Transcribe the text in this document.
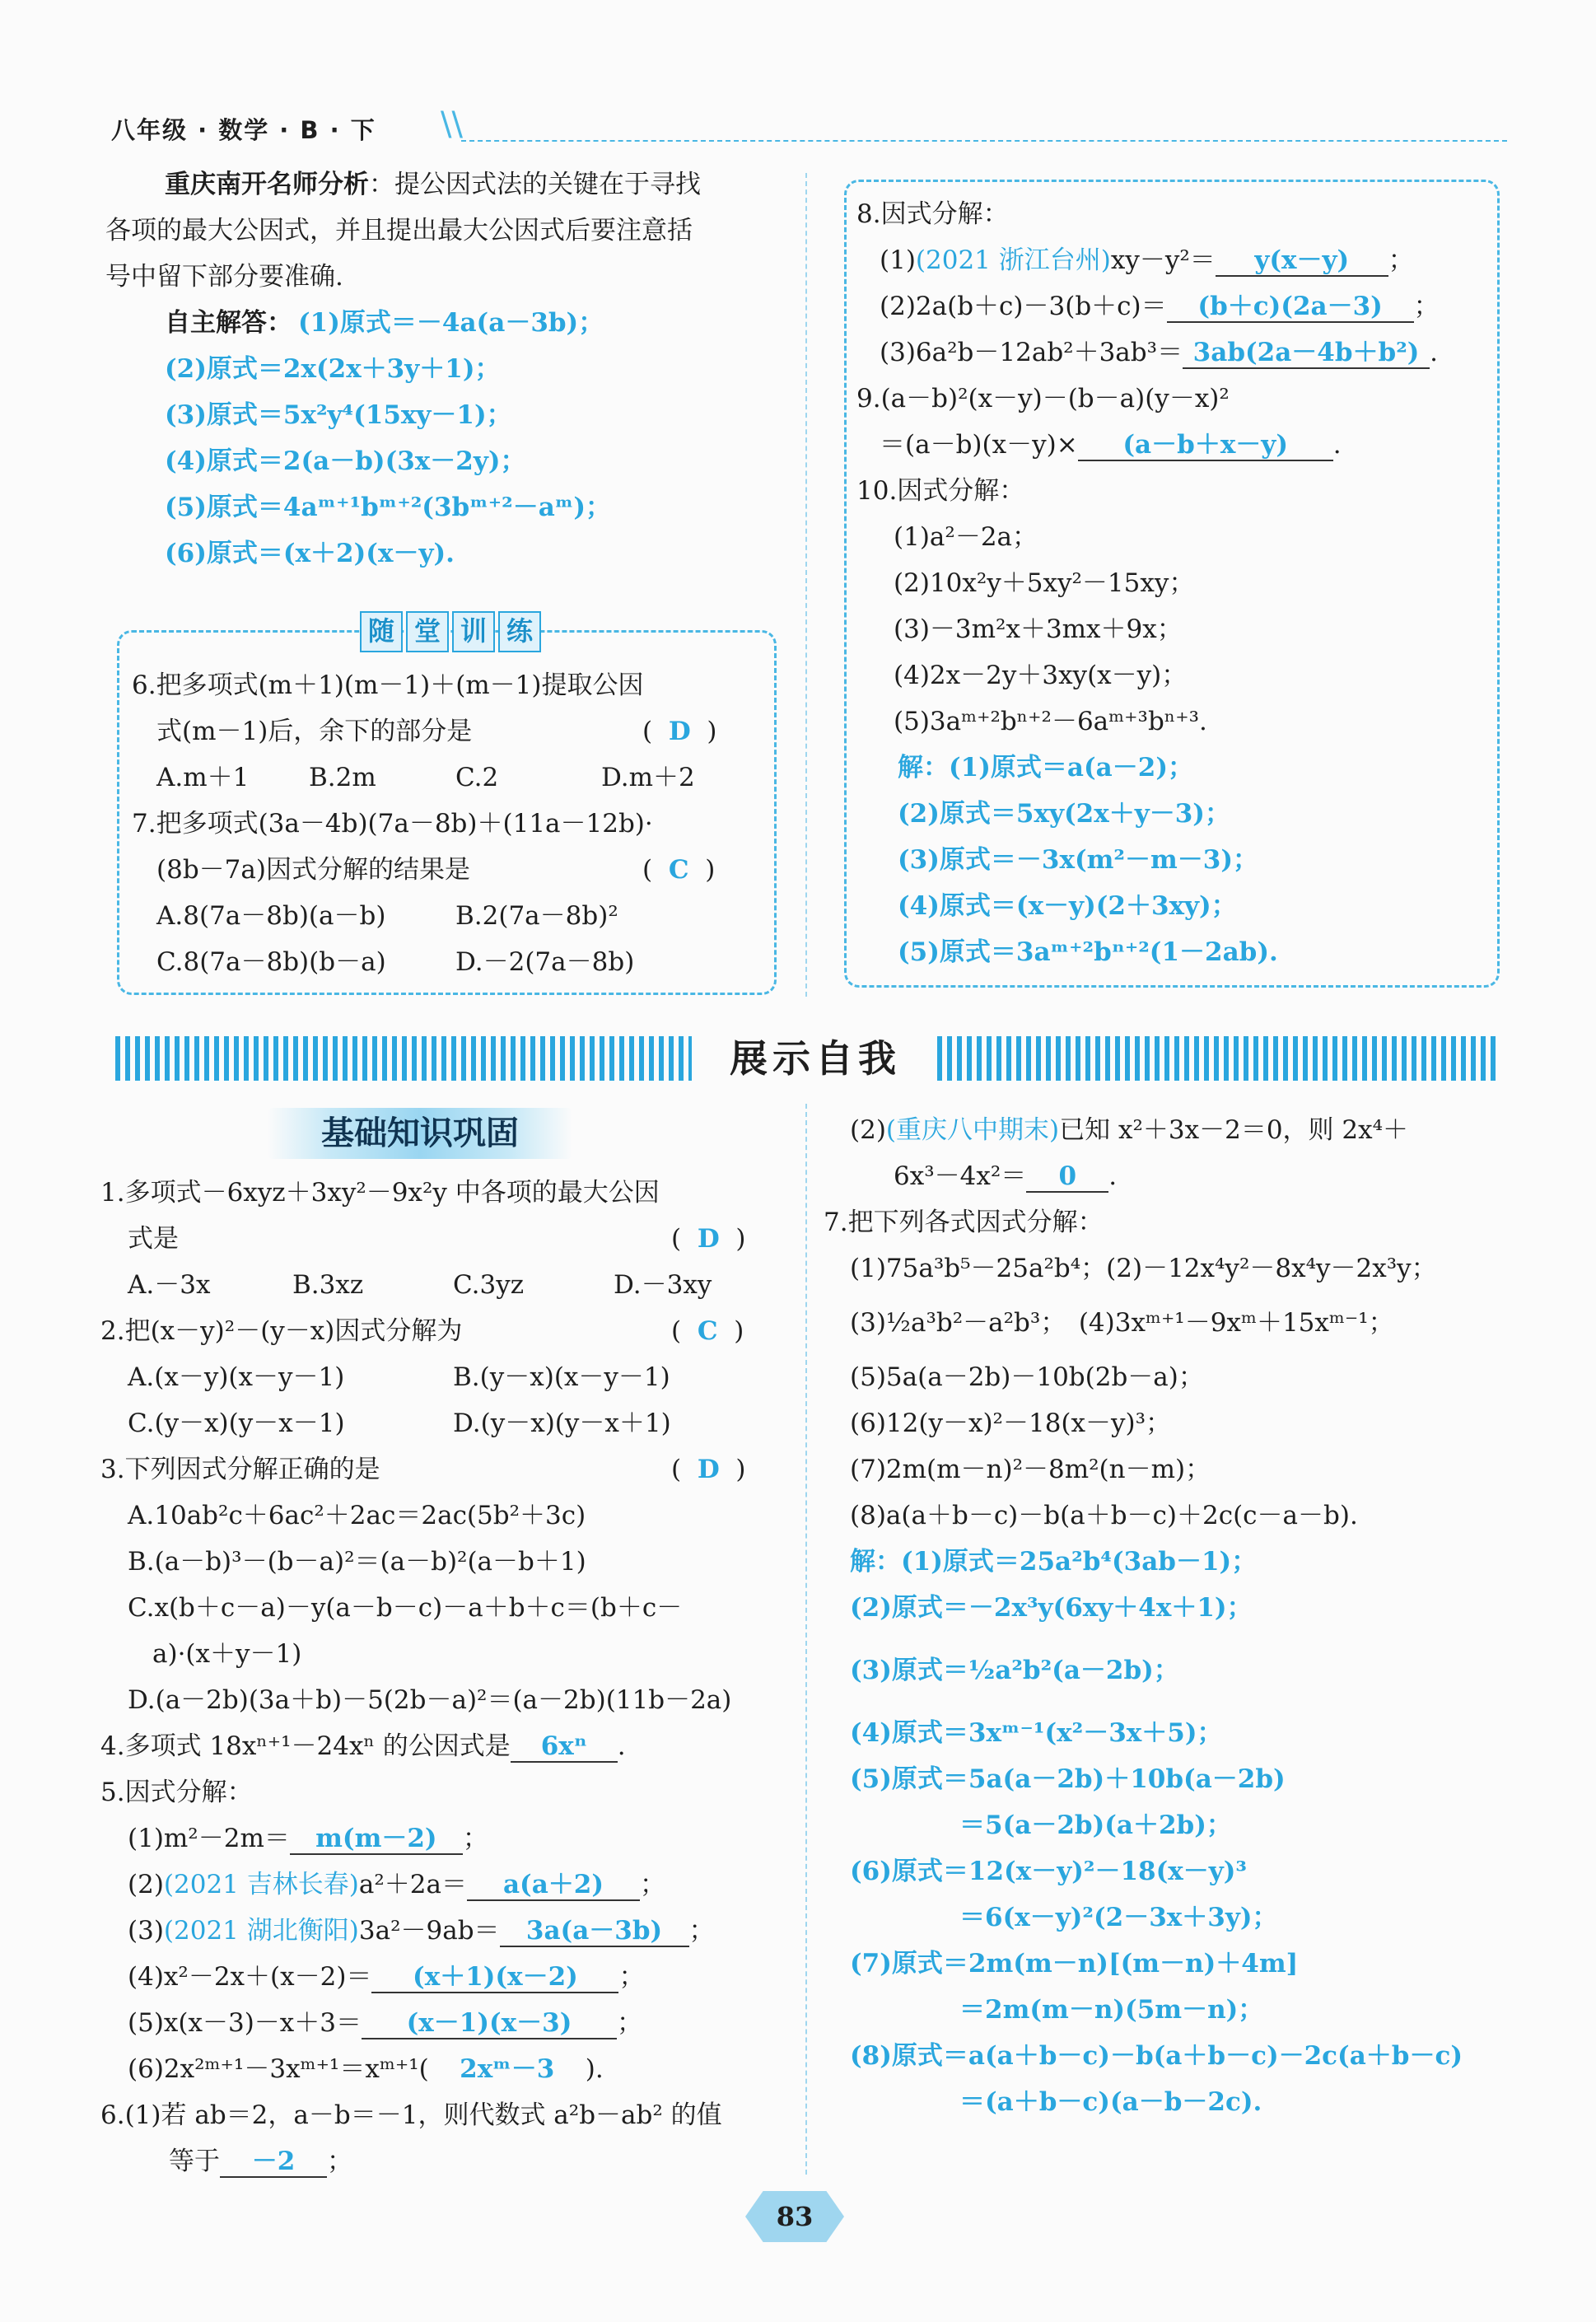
八年级 · 数学 · B · 下 \\
重庆南开名师分析：提公因式法的关键在于寻找
各项的最大公因式，并且提出最大公因式后要注意括
号中留下部分要准确.
自主解答： (1)原式＝－4a(a－3b)；
(2)原式＝2x(2x＋3y＋1)；
(3)原式＝5x²y⁴(15xy－1)；
(4)原式＝2(a－b)(3x－2y)；
(5)原式＝4aᵐ⁺¹bᵐ⁺²(3bᵐ⁺²－aᵐ)；
(6)原式＝(x＋2)(x－y).
随 堂 训 练
6.把多项式(m＋1)(m－1)＋(m－1)提取公因
式(m－1)后，余下的部分是	(  D  )
A.m＋1 B.2m	C.2	D.m＋2
7.把多项式(3a－4b)(7a－8b)＋(11a－12b)·
(8b－7a)因式分解的结果是	(  C  )
A.8(7a－8b)(a－b)	B.2(7a－8b)²
C.8(7a－8b)(b－a)	D.－2(7a－8b)
8.因式分解：
(1)(2021 浙江台州)xy－y²＝ y(x－y) ；
(2)2a(b＋c)－3(b＋c)＝ (b＋c)(2a－3) ；
(3)6a²b－12ab²＋3ab³＝ 3ab(2a－4b＋b²) .
9.(a－b)²(x－y)－(b－a)(y－x)²
＝(a－b)(x－y)× (a－b＋x－y) .
10.因式分解：
(1)a²－2a；
(2)10x²y＋5xy²－15xy；
(3)－3m²x＋3mx＋9x；
(4)2x－2y＋3xy(x－y)；
(5)3aᵐ⁺²bⁿ⁺²－6aᵐ⁺³bⁿ⁺³.
解：(1)原式＝a(a－2)；
(2)原式＝5xy(2x＋y－3)；
(3)原式＝－3x(m²－m－3)；
(4)原式＝(x－y)(2＋3xy)；
(5)原式＝3aᵐ⁺²bⁿ⁺²(1－2ab).
展示自我
基础知识巩固
1.多项式－6xyz＋3xy²－9x²y 中各项的最大公因
式是	(  D  )
A.－3x	B.3xz	C.3yz	D.－3xy
2.把(x－y)²－(y－x)因式分解为	(  C  )
A.(x－y)(x－y－1)	B.(y－x)(x－y－1)
C.(y－x)(y－x－1)	D.(y－x)(y－x＋1)
3.下列因式分解正确的是	(  D  )
A.10ab²c＋6ac²＋2ac＝2ac(5b²＋3c)
B.(a－b)³－(b－a)²＝(a－b)²(a－b＋1)
C.x(b＋c－a)－y(a－b－c)－a＋b＋c＝(b＋c－
a)·(x＋y－1)
D.(a－2b)(3a＋b)－5(2b－a)²＝(a－2b)(11b－2a)
4.多项式 18xⁿ⁺¹－24xⁿ 的公因式是 6xⁿ .
5.因式分解：
(1)m²－2m＝ m(m－2) ；
(2)(2021 吉林长春)a²＋2a＝ a(a＋2) ；
(3)(2021 湖北衡阳)3a²－9ab＝ 3a(a－3b) ；
(4)x²－2x＋(x－2)＝ (x＋1)(x－2) ；
(5)x(x－3)－x＋3＝ (x－1)(x－3) ；
(6)2x²ᵐ⁺¹－3xᵐ⁺¹＝xᵐ⁺¹( 2xᵐ－3 ).
6.(1)若 ab＝2，a－b＝－1，则代数式 a²b－ab² 的值
等于 －2 ；
(2)(重庆八中期末)已知 x²＋3x－2＝0，则 2x⁴＋
6x³－4x²＝ 0 .
7.把下列各式因式分解：
(1)75a³b⁵－25a²b⁴；(2)－12x⁴y²－8x⁴y－2x³y；
(3)½a³b²－a²b³；　(4)3xᵐ⁺¹－9xᵐ＋15xᵐ⁻¹；
(5)5a(a－2b)－10b(2b－a)；
(6)12(y－x)²－18(x－y)³；
(7)2m(m－n)²－8m²(n－m)；
(8)a(a＋b－c)－b(a＋b－c)＋2c(c－a－b).
解：(1)原式＝25a²b⁴(3ab－1)；
(2)原式＝－2x³y(6xy＋4x＋1)；
(3)原式＝½a²b²(a－2b)；
(4)原式＝3xᵐ⁻¹(x²－3x＋5)；
(5)原式＝5a(a－2b)＋10b(a－2b)
＝5(a－2b)(a＋2b)；
(6)原式＝12(x－y)²－18(x－y)³
＝6(x－y)²(2－3x＋3y)；
(7)原式＝2m(m－n)[(m－n)＋4m]
＝2m(m－n)(5m－n)；
(8)原式＝a(a＋b－c)－b(a＋b－c)－2c(a＋b－c)
＝(a＋b－c)(a－b－2c).
83
